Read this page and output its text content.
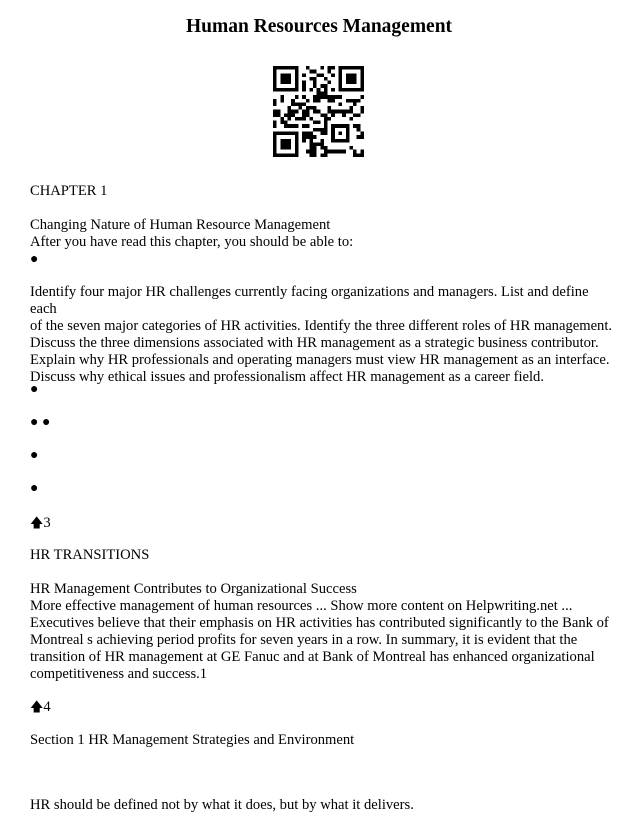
Human Resources Management
CHAPTER 1
Changing Nature of Human Resource Management
After you have read this chapter, you should be able to:
●
Identify four major HR challenges currently facing organizations and managers. List and define each
of the seven major categories of HR activities. Identify the three different roles of HR management.
Discuss the three dimensions associated with HR management as a strategic business contributor.
Explain why HR professionals and operating managers must view HR management as an interface.
Discuss why ethical issues and professionalism affect HR management as a career field.
●
● ●
●
●
🡅3
HR TRANSITIONS
HR Management Contributes to Organizational Success
More effective management of human resources ... Show more content on Helpwriting.net ...
Executives believe that their emphasis on HR activities has contributed significantly to the Bank of
Montreal s achieving period profits for seven years in a row. In summary, it is evident that the
transition of HR management at GE Fanuc and at Bank of Montreal has enhanced organizational
competitiveness and success.1
🡅4
Section 1 HR Management Strategies and Environment
HR should be defined not by what it does, but by what it delivers.
